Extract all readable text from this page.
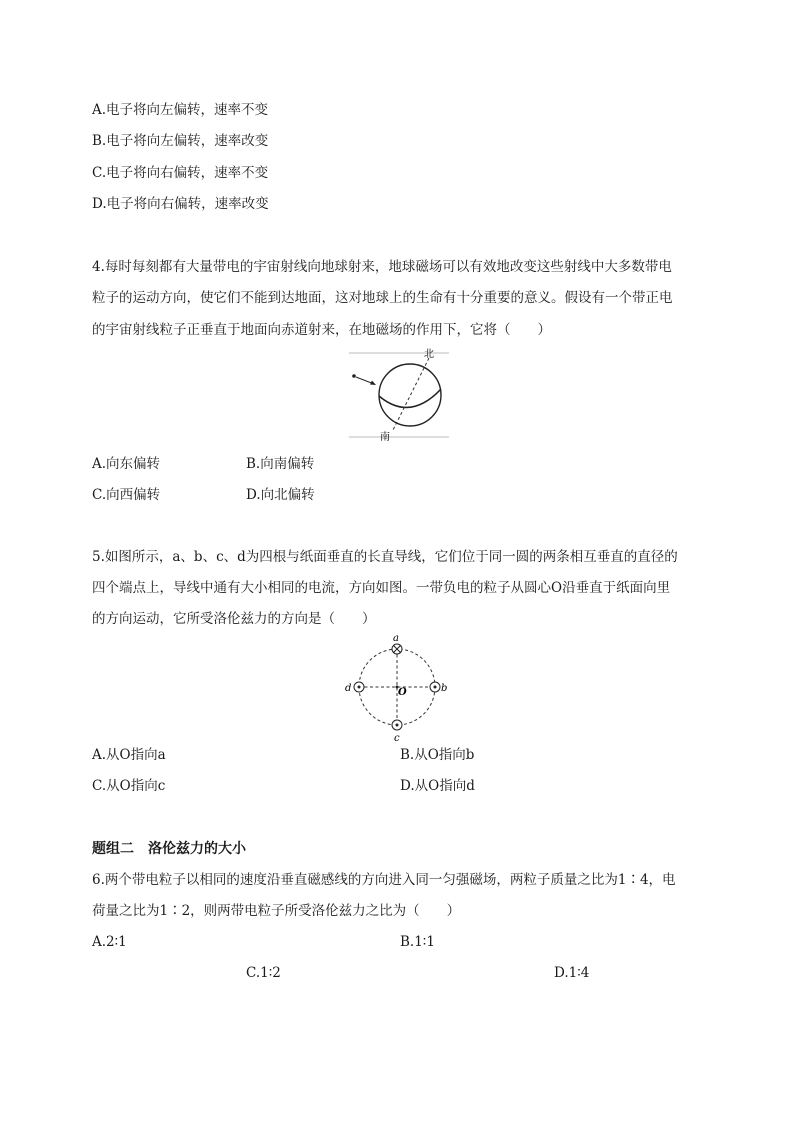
A.电子将向左偏转，速率不变
B.电子将向左偏转，速率改变
C.电子将向右偏转，速率不变
D.电子将向右偏转，速率改变
4.每时每刻都有大量带电的宇宙射线向地球射来，地球磁场可以有效地改变这些射线中大多数带电
粒子的运动方向，使它们不能到达地面，这对地球上的生命有十分重要的意义。假设有一个带正电
的宇宙射线粒子正垂直于地面向赤道射来，在地磁场的作用下，它将（　　）
北
南
A.向东偏转	B.向南偏转
C.向西偏转	D.向北偏转
5.如图所示，a、b、c、d为四根与纸面垂直的长直导线，它们位于同一圆的两条相互垂直的直径的
四个端点上，导线中通有大小相同的电流，方向如图。一带负电的粒子从圆心O沿垂直于纸面向里
的方向运动，它所受洛伦兹力的方向是（　　）
a
b
c
d	O
A.从O指向a	B.从O指向b
C.从O指向c	D.从O指向d
题组二　洛伦兹力的大小
6.两个带电粒子以相同的速度沿垂直磁感线的方向进入同一匀强磁场，两粒子质量之比为1∶4，电
荷量之比为1∶2，则两带电粒子所受洛伦兹力之比为（　　）
A.2∶1	B.1∶1
C.1∶2	D.1∶4
